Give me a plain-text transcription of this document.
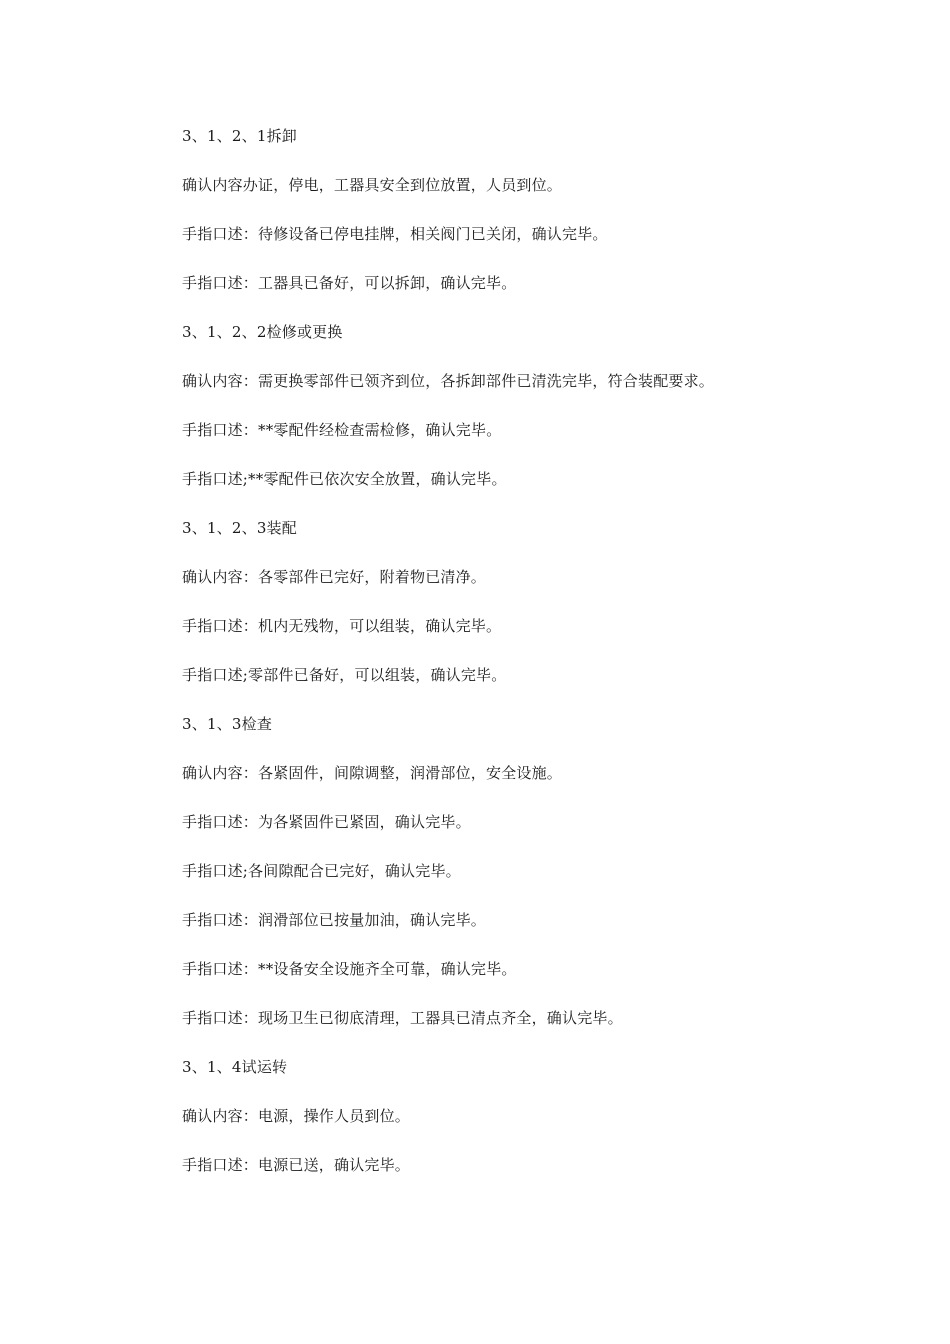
3、1、2、1拆卸
确认内容办证，停电，工器具安全到位放置，人员到位。
手指口述：待修设备已停电挂牌，相关阀门已关闭，确认完毕。
手指口述：工器具已备好，可以拆卸，确认完毕。
3、1、2、2检修或更换
确认内容：需更换零部件已领齐到位，各拆卸部件已清洗完毕，符合装配要求。
手指口述：**零配件经检查需检修，确认完毕。
手指口述;**零配件已依次安全放置，确认完毕。
3、1、2、3装配
确认内容：各零部件已完好，附着物已清净。
手指口述：机内无残物，可以组装，确认完毕。
手指口述;零部件已备好，可以组装，确认完毕。
3、1、3检查
确认内容：各紧固件，间隙调整，润滑部位，安全设施。
手指口述：为各紧固件已紧固，确认完毕。
手指口述;各间隙配合已完好，确认完毕。
手指口述：润滑部位已按量加油，确认完毕。
手指口述：**设备安全设施齐全可靠，确认完毕。
手指口述：现场卫生已彻底清理，工器具已清点齐全，确认完毕。
3、1、4试运转
确认内容：电源，操作人员到位。
手指口述：电源已送，确认完毕。
